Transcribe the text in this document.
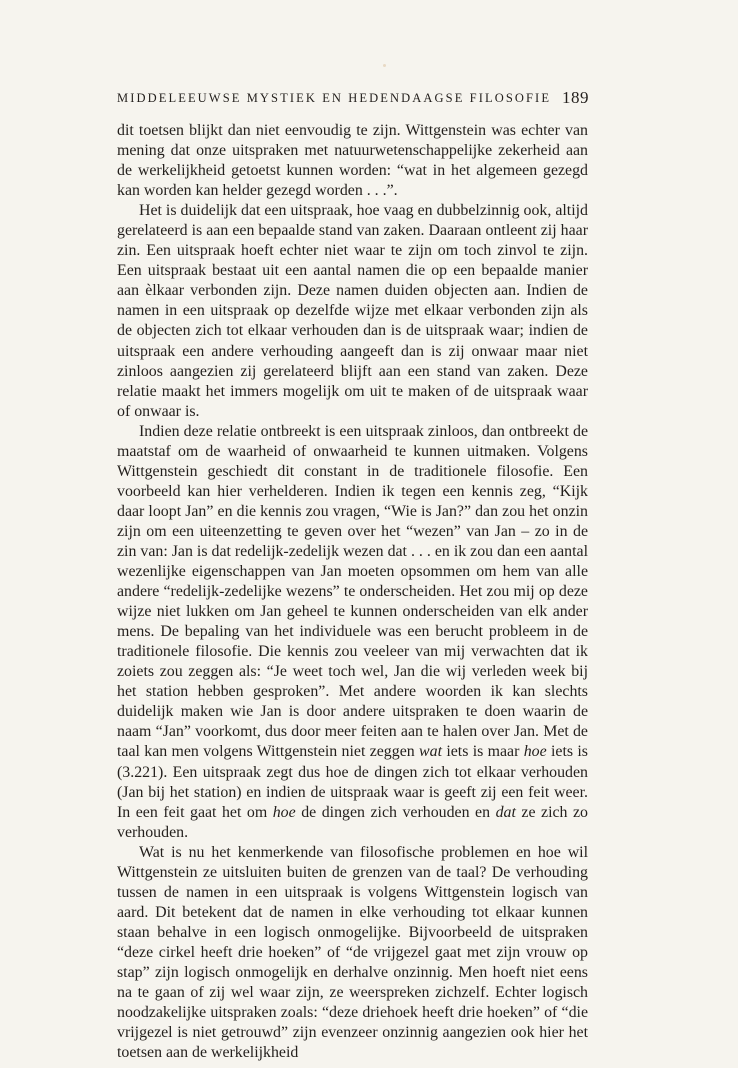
MIDDELEEUWSE MYSTIEK EN HEDENDAAGSE FILOSOFIE 189

dit toetsen blijkt dan niet eenvoudig te zijn. Wittgenstein was echter van mening dat onze uitspraken met natuurwetenschappelijke zekerheid aan de werkelijkheid getoetst kunnen worden: “wat in het algemeen gezegd kan worden kan helder gezegd worden . . .”.

Het is duidelijk dat een uitspraak, hoe vaag en dubbelzinnig ook, altijd gerelateerd is aan een bepaalde stand van zaken. Daaraan ontleent zij haar zin. Een uitspraak hoeft echter niet waar te zijn om toch zinvol te zijn. Een uitspraak bestaat uit een aantal namen die op een bepaalde manier aan èlkaar verbonden zijn. Deze namen duiden objecten aan. Indien de namen in een uitspraak op dezelfde wijze met elkaar verbonden zijn als de objecten zich tot elkaar verhouden dan is de uitspraak waar; indien de uitspraak een andere verhouding aangeeft dan is zij onwaar maar niet zinloos aangezien zij gerelateerd blijft aan een stand van zaken. Deze relatie maakt het immers mogelijk om uit te maken of de uitspraak waar of onwaar is.

Indien deze relatie ontbreekt is een uitspraak zinloos, dan ontbreekt de maatstaf om de waarheid of onwaarheid te kunnen uitmaken. Volgens Wittgenstein geschiedt dit constant in de traditionele filosofie. Een voorbeeld kan hier verhelderen. Indien ik tegen een kennis zeg, “Kijk daar loopt Jan” en die kennis zou vragen, “Wie is Jan?” dan zou het onzin zijn om een uiteenzetting te geven over het “wezen” van Jan – zo in de zin van: Jan is dat redelijk-zedelijk wezen dat . . . en ik zou dan een aantal wezenlijke eigenschappen van Jan moeten opsommen om hem van alle andere “redelijk-zedelijke wezens” te onderscheiden. Het zou mij op deze wijze niet lukken om Jan geheel te kunnen onderscheiden van elk ander mens. De bepaling van het individuele was een berucht probleem in de traditionele filosofie. Die kennis zou veeleer van mij verwachten dat ik zoiets zou zeggen als: “Je weet toch wel, Jan die wij verleden week bij het station hebben gesproken”. Met andere woorden ik kan slechts duidelijk maken wie Jan is door andere uitspraken te doen waarin de naam “Jan” voorkomt, dus door meer feiten aan te halen over Jan. Met de taal kan men volgens Wittgenstein niet zeggen wat iets is maar hoe iets is (3.221). Een uitspraak zegt dus hoe de dingen zich tot elkaar verhouden (Jan bij het station) en indien de uitspraak waar is geeft zij een feit weer. In een feit gaat het om hoe de dingen zich verhouden en dat ze zich zo verhouden.

Wat is nu het kenmerkende van filosofische problemen en hoe wil Wittgenstein ze uitsluiten buiten de grenzen van de taal? De verhouding tussen de namen in een uitspraak is volgens Wittgenstein logisch van aard. Dit betekent dat de namen in elke verhouding tot elkaar kunnen staan behalve in een logisch onmogelijke. Bijvoorbeeld de uitspraken “deze cirkel heeft drie hoeken” of “de vrijgezel gaat met zijn vrouw op stap” zijn logisch onmogelijk en derhalve onzinnig. Men hoeft niet eens na te gaan of zij wel waar zijn, ze weerspreken zichzelf. Echter logisch noodzakelijke uitspraken zoals: “deze driehoek heeft drie hoeken” of “die vrijgezel is niet getrouwd” zijn evenzeer onzinnig aangezien ook hier het toetsen aan de werkelijkheid
